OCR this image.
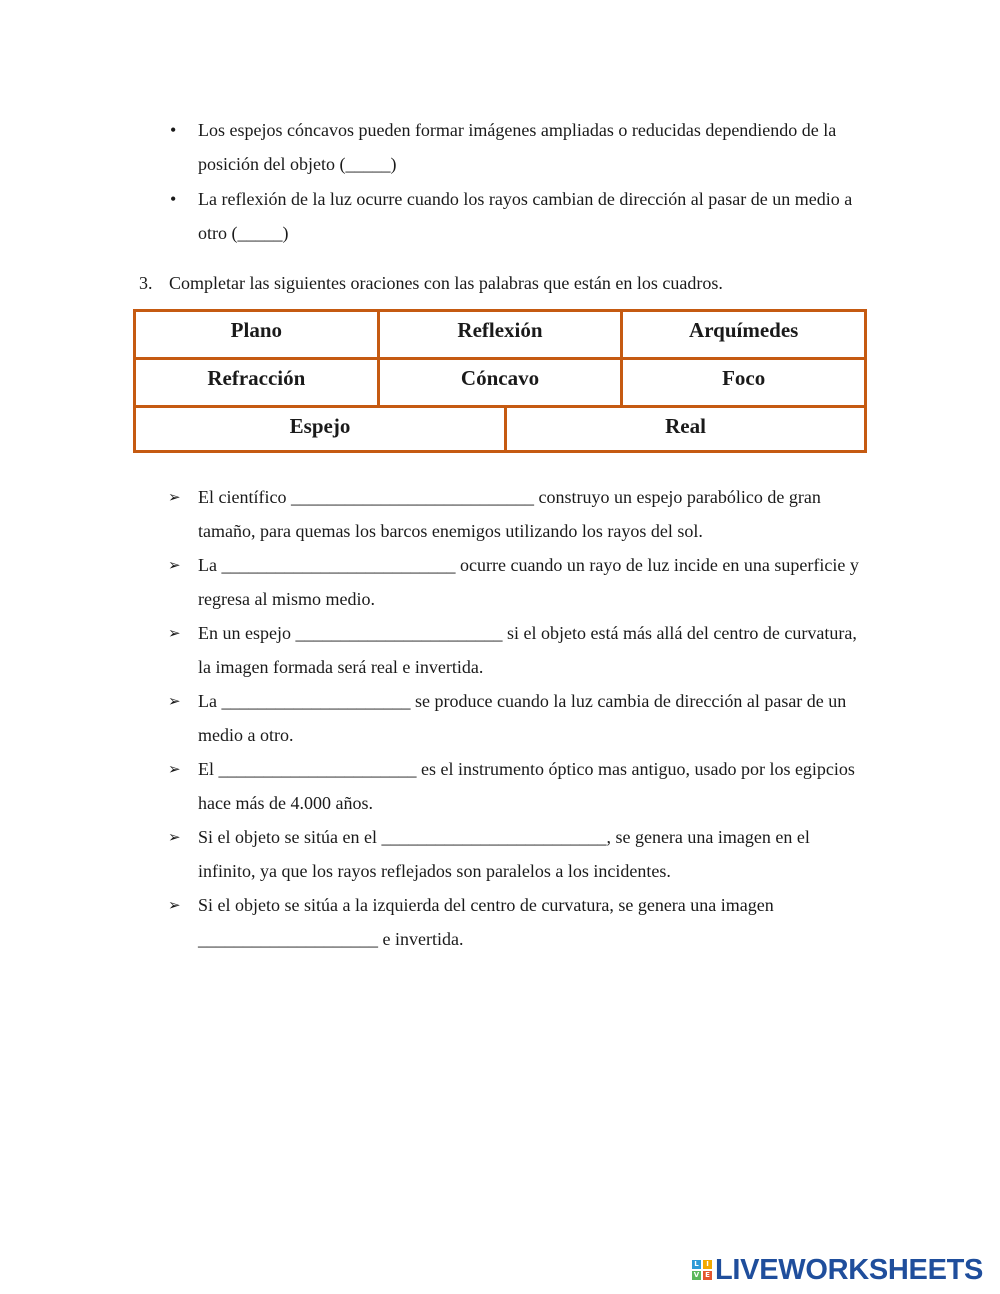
• Los espejos cóncavos pueden formar imágenes ampliadas o reducidas dependiendo de la posición del objeto (_____)
• La reflexión de la luz ocurre cuando los rayos cambian de dirección al pasar de un medio a otro (_____)
3. Completar las siguientes oraciones con las palabras que están en los cuadros.
Plano	Reflexión	Arquímedes
Refracción	Cóncavo	Foco
Espejo	Real
➢ El científico ___________________________ construyo un espejo parabólico de gran tamaño, para quemas los barcos enemigos utilizando los rayos del sol.
➢ La __________________________ ocurre cuando un rayo de luz incide en una superficie y regresa al mismo medio.
➢ En un espejo _______________________ si el objeto está más allá del centro de curvatura, la imagen formada será real e invertida.
➢ La _____________________ se produce cuando la luz cambia de dirección al pasar de un medio a otro.
➢ El ______________________ es el instrumento óptico mas antiguo, usado por los egipcios hace más de 4.000 años.
➢ Si el objeto se sitúa en el _________________________, se genera una imagen en el infinito, ya que los rayos reflejados son paralelos a los incidentes.
➢ Si el objeto se sitúa a la izquierda del centro de curvatura, se genera una imagen ____________________ e invertida.
L	I
V E LIVEWORKSHEETS
